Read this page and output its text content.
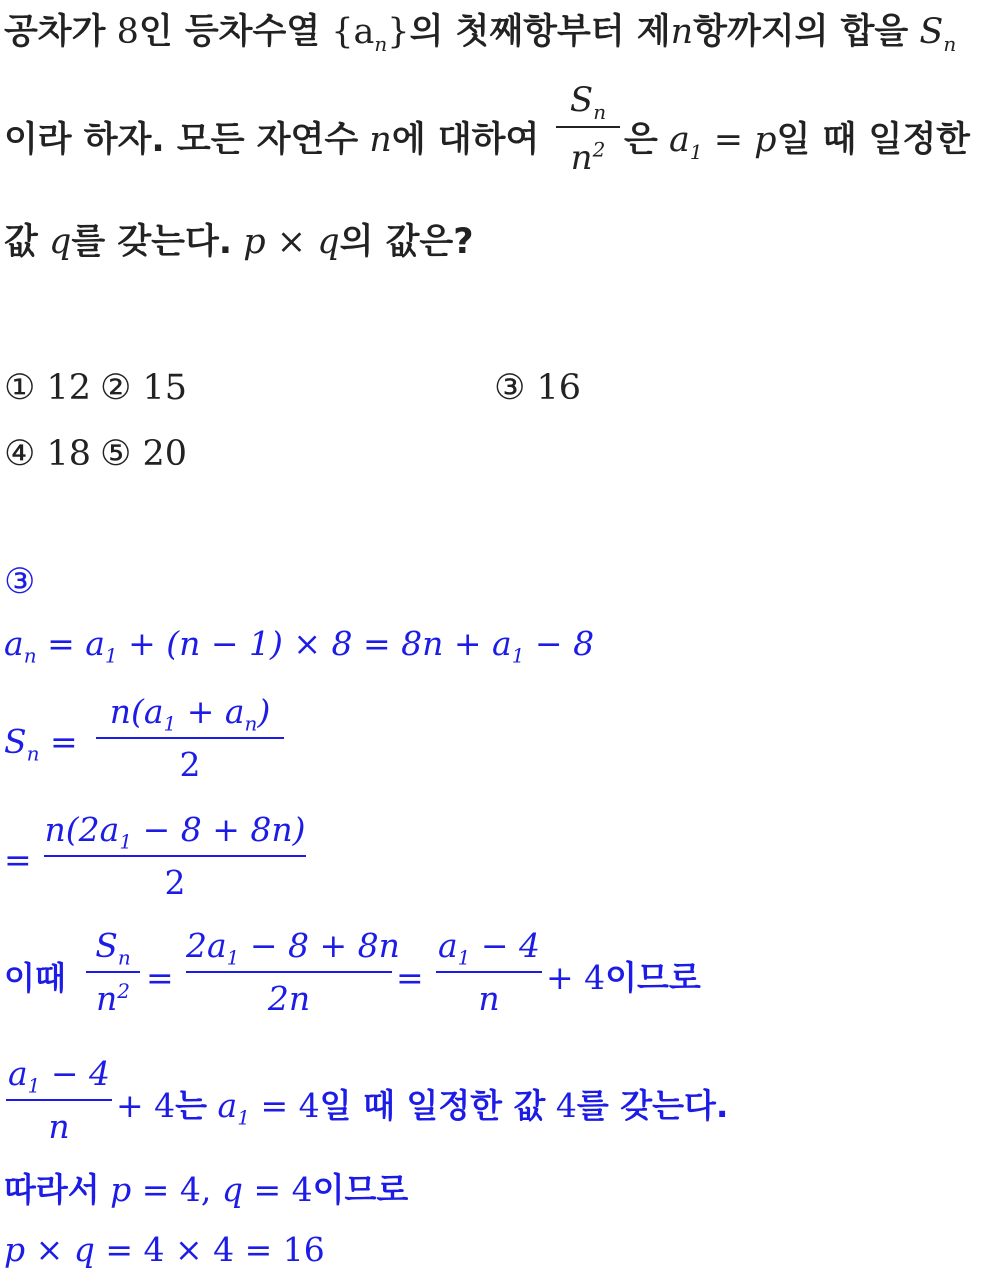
공차가 8인 등차수열 $\{a_n\}$의 첫째항부터 제n항까지의 합을 $S_n$
이라 하자. 모든 자연수 n에 대하여
$S_n$
$n^2$ 은 $a_1 = p$일 때 일정한
값 q를 갖는다. p × q의 값은?
① 12 ② 15	③ 16
④ 18 ⑤ 20
③
$a_n = a_1 + (n - 1) \times 8 = 8n + a_1 - 8$
$S_n$ =
$n(a_1 + a_n)$
2
=
$n(2a_1 - 8 + 8n)$
2
이때
$S_n$
$n^2$ =
$2a_1 - 8 + 8n$
2n
=
$a_1 - 4$
n
+ 4이므로
$a_1 - 4$
n
+ 4는 $a_1 = 4$일 때 일정한 값 4를 갖는다.
따라서 p = 4, q = 4이므로
p × q = 4 × 4 = 16
